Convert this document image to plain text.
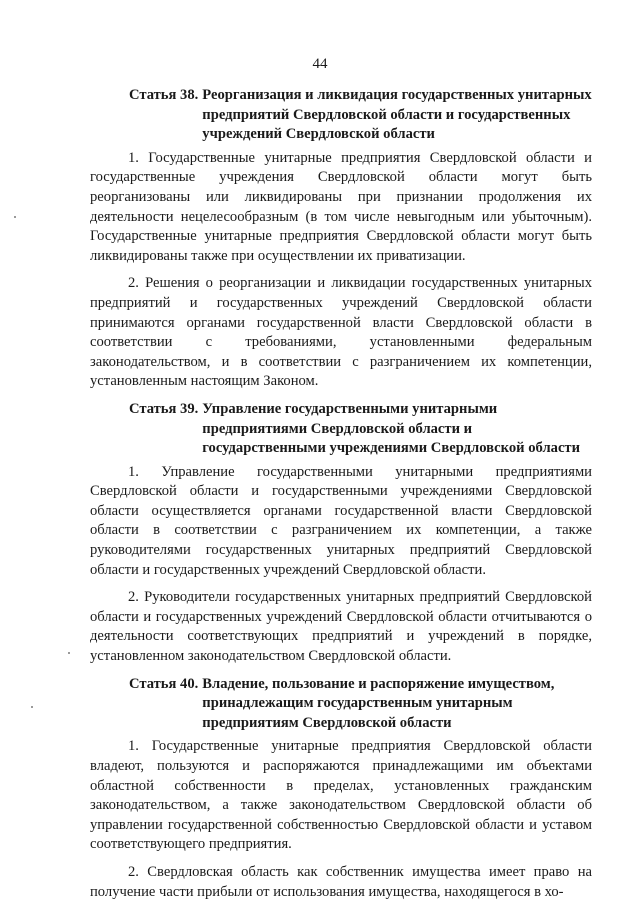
44
Статья 38. Реорганизация и ликвидация государственных унитарных предприятий Свердловской области и государственных учреждений Свердловской области

1. Государственные унитарные предприятия Свердловской области и государственные учреждения Свердловской области могут быть реорганизованы или ликвидированы при признании продолжения их деятельности нецелесообразным (в том числе невыгодным или убыточным). Государственные унитарные предприятия Свердловской области могут быть ликвидированы также при осуществлении их приватизации.

2. Решения о реорганизации и ликвидации государственных унитарных предприятий и государственных учреждений Свердловской области принимаются органами государственной власти Свердловской области в соответствии с требованиями, установленными федеральным законодательством, и в соответствии с разграничением их компетенции, установленным настоящим Законом.

Статья 39. Управление государственными унитарными предприятиями Свердловской области и государственными учреждениями Свердловской области

1. Управление государственными унитарными предприятиями Свердловской области и государственными учреждениями Свердловской области осуществляется органами государственной власти Свердловской области в соответствии с разграничением их компетенции, а также руководителями государственных унитарных предприятий Свердловской области и государственных учреждений Свердловской области.

2. Руководители государственных унитарных предприятий Свердловской области и государственных учреждений Свердловской области отчитываются о деятельности соответствующих предприятий и учреждений в порядке, установленном законодательством Свердловской области.

Статья 40. Владение, пользование и распоряжение имуществом, принадлежащим государственным унитарным предприятиям Свердловской области

1. Государственные унитарные предприятия Свердловской области владеют, пользуются и распоряжаются принадлежащими им объектами областной собственности в пределах, установленных гражданским законодательством, а также законодательством Свердловской области об управлении государственной собственностью Свердловской области и уставом соответствующего предприятия.

2. Свердловская область как собственник имущества имеет право на получение части прибыли от использования имущества, находящегося в хо-
